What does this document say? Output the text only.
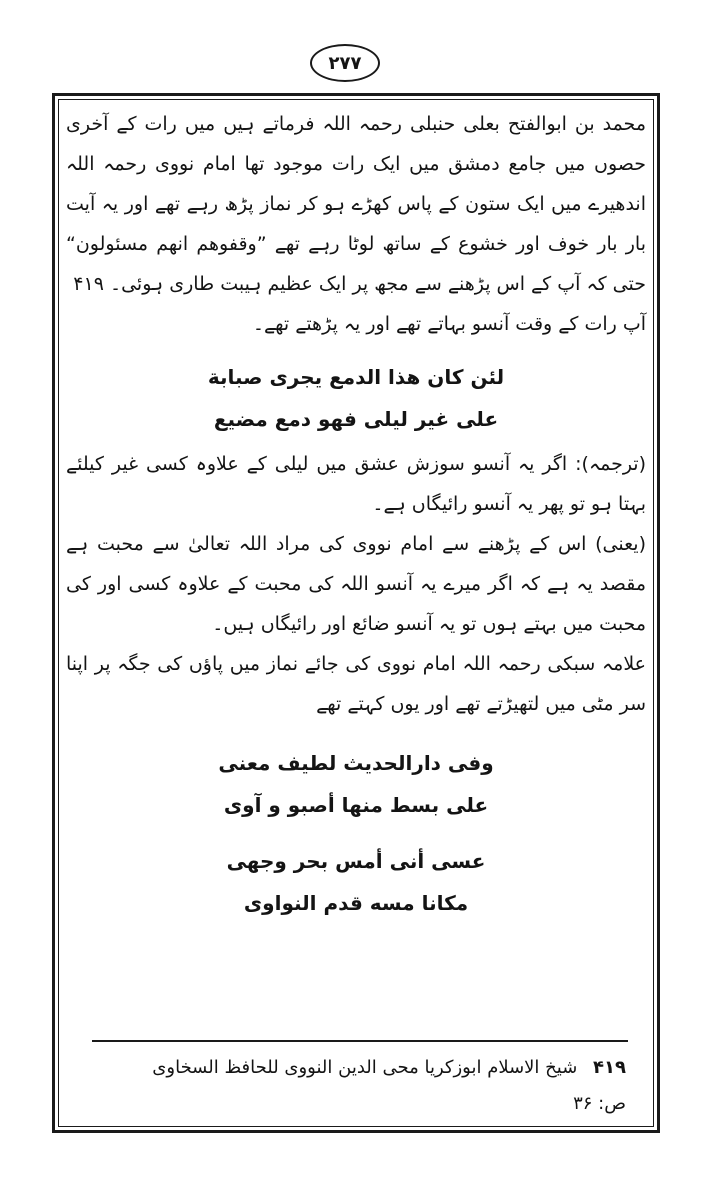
۲۷۷

محمد بن ابوالفتح بعلی حنبلی رحمہ اللہ فرماتے ہیں میں رات کے آخری حصوں میں جامع دمشق میں ایک رات موجود تھا امام نووی رحمہ اللہ اندھیرے میں ایک ستون کے پاس کھڑے ہو کر نماز پڑھ رہے تھے اور یہ آیت بار بار خوف اور خشوع کے ساتھ لوٹا رہے تھے ”وقفوھم انھم مسئولون“ حتی کہ آپ کے اس پڑھنے سے مجھ پر ایک عظیم ہیبت طاری ہوئی۔ ۴۱۹

آپ رات کے وقت آنسو بہاتے تھے اور یہ پڑھتے تھے۔

لئن كان هذا الدمع يجرى صبابة

على غير ليلى فهو دمع مضيع

(ترجمہ): اگر یہ آنسو سوزش عشق میں لیلی کے علاوہ کسی غیر کیلئے بہتا ہو تو پھر یہ آنسو رائیگاں ہے۔

(یعنی) اس کے پڑھنے سے امام نووی کی مراد اللہ تعالیٰ سے محبت ہے مقصد یہ ہے کہ اگر میرے یہ آنسو اللہ کی محبت کے علاوہ کسی اور کی محبت میں بہتے ہوں تو یہ آنسو ضائع اور رائیگاں ہیں۔

علامہ سبکی رحمہ اللہ امام نووی کی جائے نماز میں پاؤں کی جگہ پر اپنا سر مٹی میں لتھیڑتے تھے اور یوں کہتے تھے

وفى دارالحديث لطيف معنى

على بسط منها أصبو و آوى

عسى أنى أمس بحر وجهى

مكانا مسه قدم النواوى

۴۱۹ شيخ الاسلام ابوزكريا محى الدين النووى للحافظ السخاوى
ص: ۳۶
